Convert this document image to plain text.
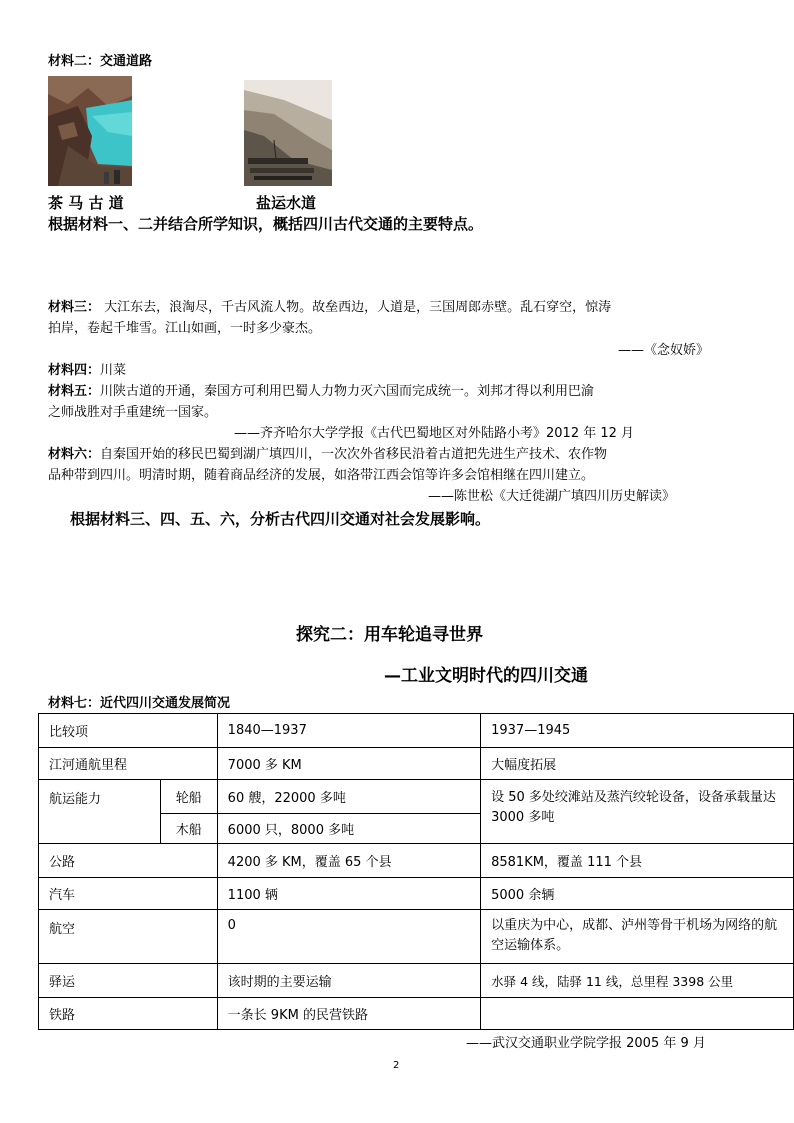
材料二：交通道路
茶 马 古 道	盐运水道
根据材料一、二并结合所学知识，概括四川古代交通的主要特点。
材料三： 大江东去，浪淘尽，千古风流人物。故垒西边，人道是，三国周郎赤壁。乱石穿空，惊涛
拍岸，卷起千堆雪。江山如画，一时多少豪杰。
——《念奴娇》
材料四：川菜
材料五：川陕古道的开通，秦国方可利用巴蜀人力物力灭六国而完成统一。刘邦才得以利用巴渝
之师战胜对手重建统一国家。
——齐齐哈尔大学学报《古代巴蜀地区对外陆路小考》2012 年 12 月
材料六：自秦国开始的移民巴蜀到湖广填四川，一次次外省移民沿着古道把先进生产技术、农作物
品种带到四川。明清时期，随着商品经济的发展，如洛带江西会馆等许多会馆相继在四川建立。
——陈世松《大迁徙湖广填四川历史解读》
根据材料三、四、五、六，分析古代四川交通对社会发展影响。
探究二：用车轮追寻世界
—工业文明时代的四川交通
材料七：近代四川交通发展简况
比较项		1840—1937	1937—1945
江河通航里程		7000 多 KM	大幅度拓展
航运能力	轮船	60 艘，22000 多吨	设 50 多处绞滩站及蒸汽绞轮设备，设备承载量达 3000 多吨
	木船	6000 只，8000 多吨	
公路		4200 多 KM，覆盖 65 个县	8581KM，覆盖 111 个县
汽车		1100 辆	5000 余辆
航空		0	以重庆为中心，成都、泸州等骨干机场为网络的航空运输体系。
驿运		该时期的主要运输	水驿 4 线，陆驿 11 线，总里程 3398 公里
铁路		一条长 9KM 的民营铁路	
——武汉交通职业学院学报 2005 年 9 月
2
